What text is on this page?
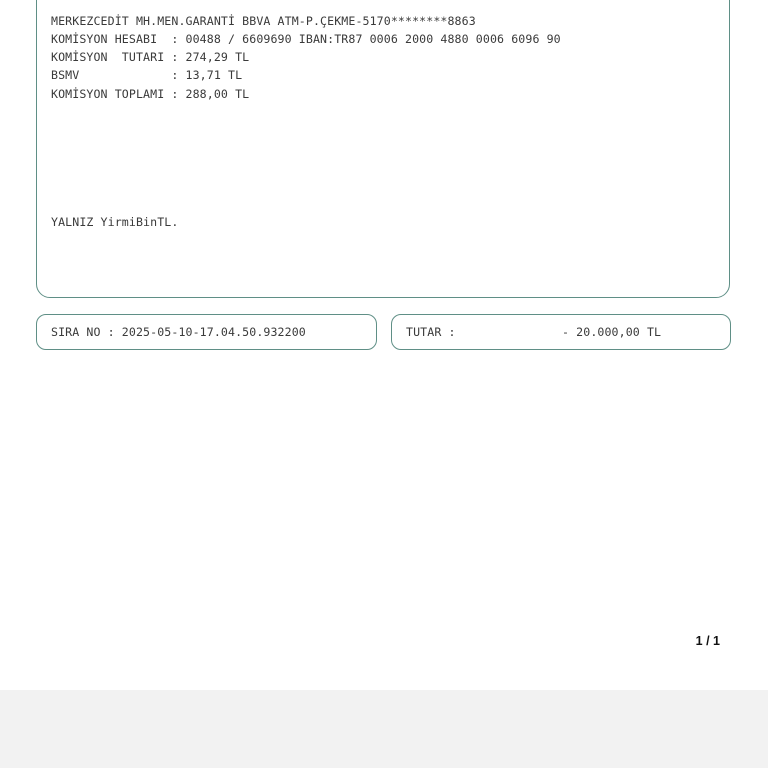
MERKEZCEDİT MH.MEN.GARANTİ BBVA ATM-P.ÇEKME-5170********8863
KOMİSYON HESABI  : 00488 / 6609690 IBAN:TR87 0006 2000 4880 0006 6096 90
KOMİSYON  TUTARI : 274,29 TL
BSMV             : 13,71 TL
KOMİSYON TOPLAMI : 288,00 TL
YALNIZ YirmiBinTL.
SIRA NO : 2025-05-10-17.04.50.932200	TUTAR :	- 20.000,00 TL
1 / 1
